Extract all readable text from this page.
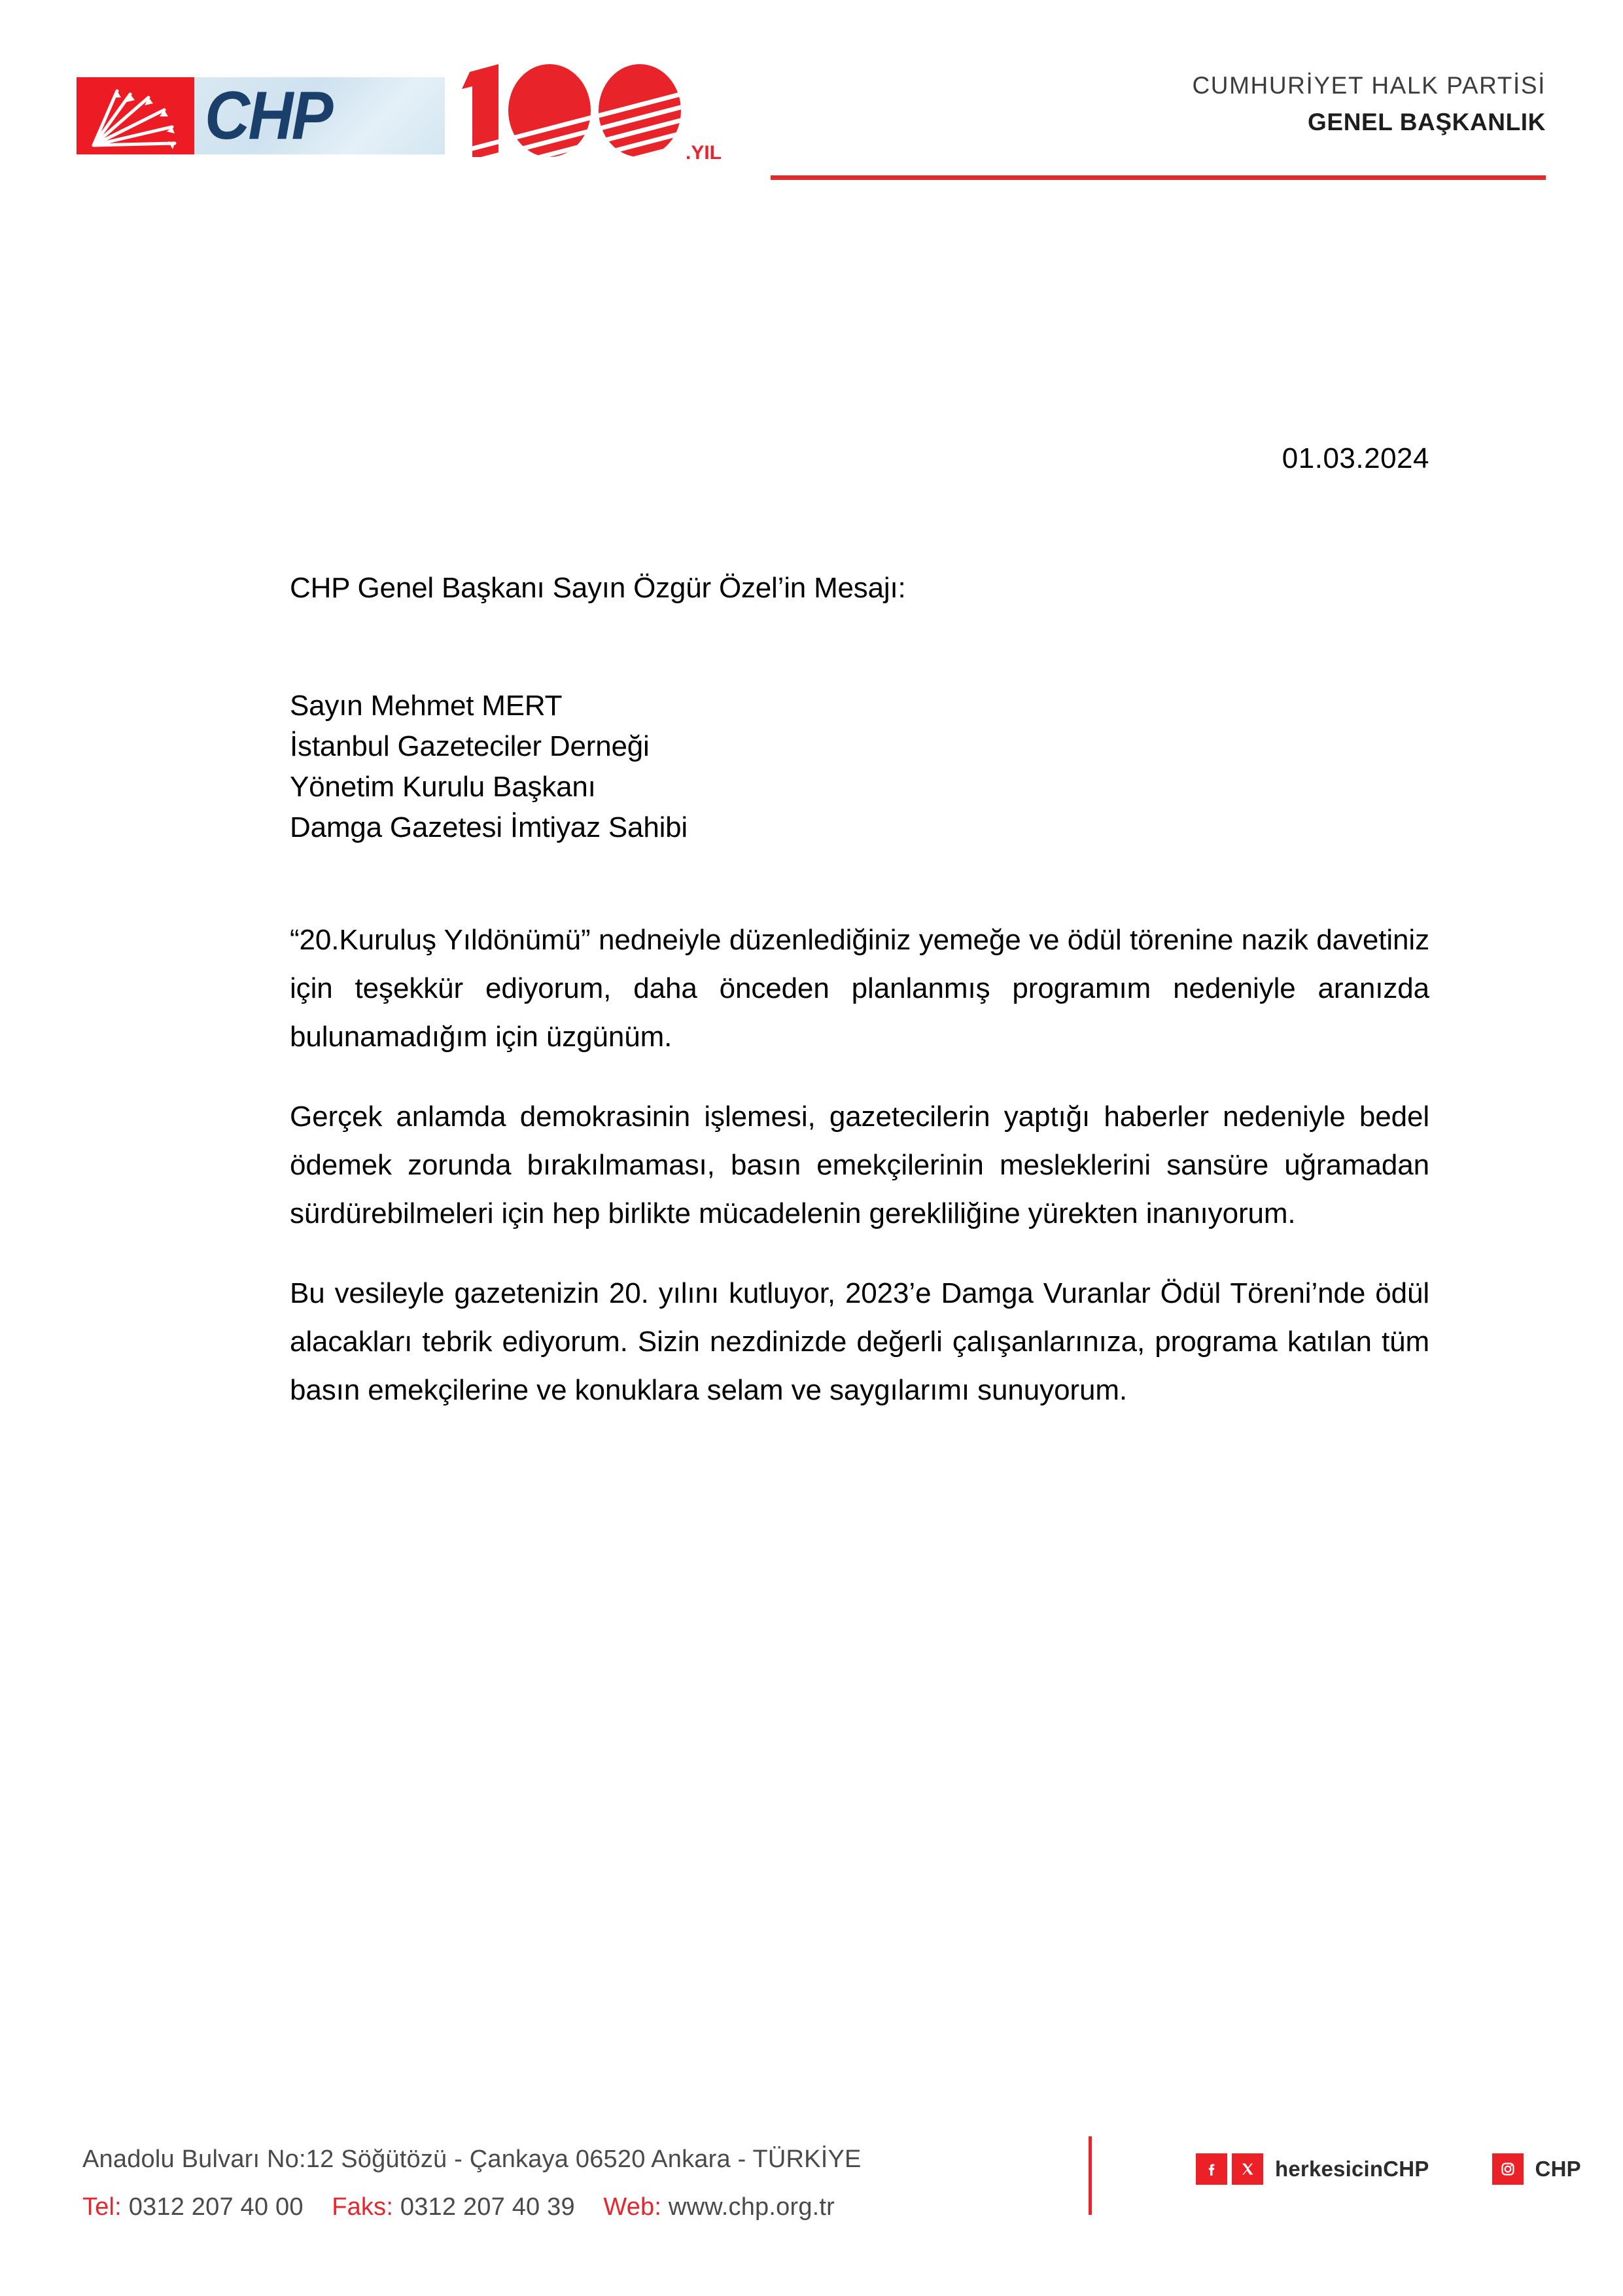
CHP	.YIL
CUMHURİYET HALK PARTİSİ
GENEL BAŞKANLIK
01.03.2024
CHP Genel Başkanı Sayın Özgür Özel’in Mesajı:
Sayın Mehmet MERT
İstanbul Gazeteciler Derneği
Yönetim Kurulu Başkanı
Damga Gazetesi İmtiyaz Sahibi

“20.Kuruluş Yıldönümü” nedneiyle düzenlediğiniz yemeğe ve ödül törenine nazik davetiniz için teşekkür ediyorum, daha önceden planlanmış programım nedeniyle aranızda bulunamadığım için üzgünüm.

Gerçek anlamda demokrasinin işlemesi, gazetecilerin yaptığı haberler nedeniyle bedel ödemek zorunda bırakılmaması, basın emekçilerinin mesleklerini sansüre uğramadan sürdürebilmeleri için hep birlikte mücadelenin gerekliliğine yürekten inanıyorum.

Bu vesileyle gazetenizin 20. yılını kutluyor, 2023’e Damga Vuranlar Ödül Töreni’nde ödül alacakları tebrik ediyorum. Sizin nezdinizde değerli çalışanlarınıza, programa katılan tüm basın emekçilerine ve konuklara selam ve saygılarımı sunuyorum.

Anadolu Bulvarı No:12 Söğütözü - Çankaya 06520 Ankara - TÜRKİYE
Tel: 0312 207 40 00 Faks: 0312 207 40 39 Web: www.chp.org.tr
herkesicinCHP	CHP
